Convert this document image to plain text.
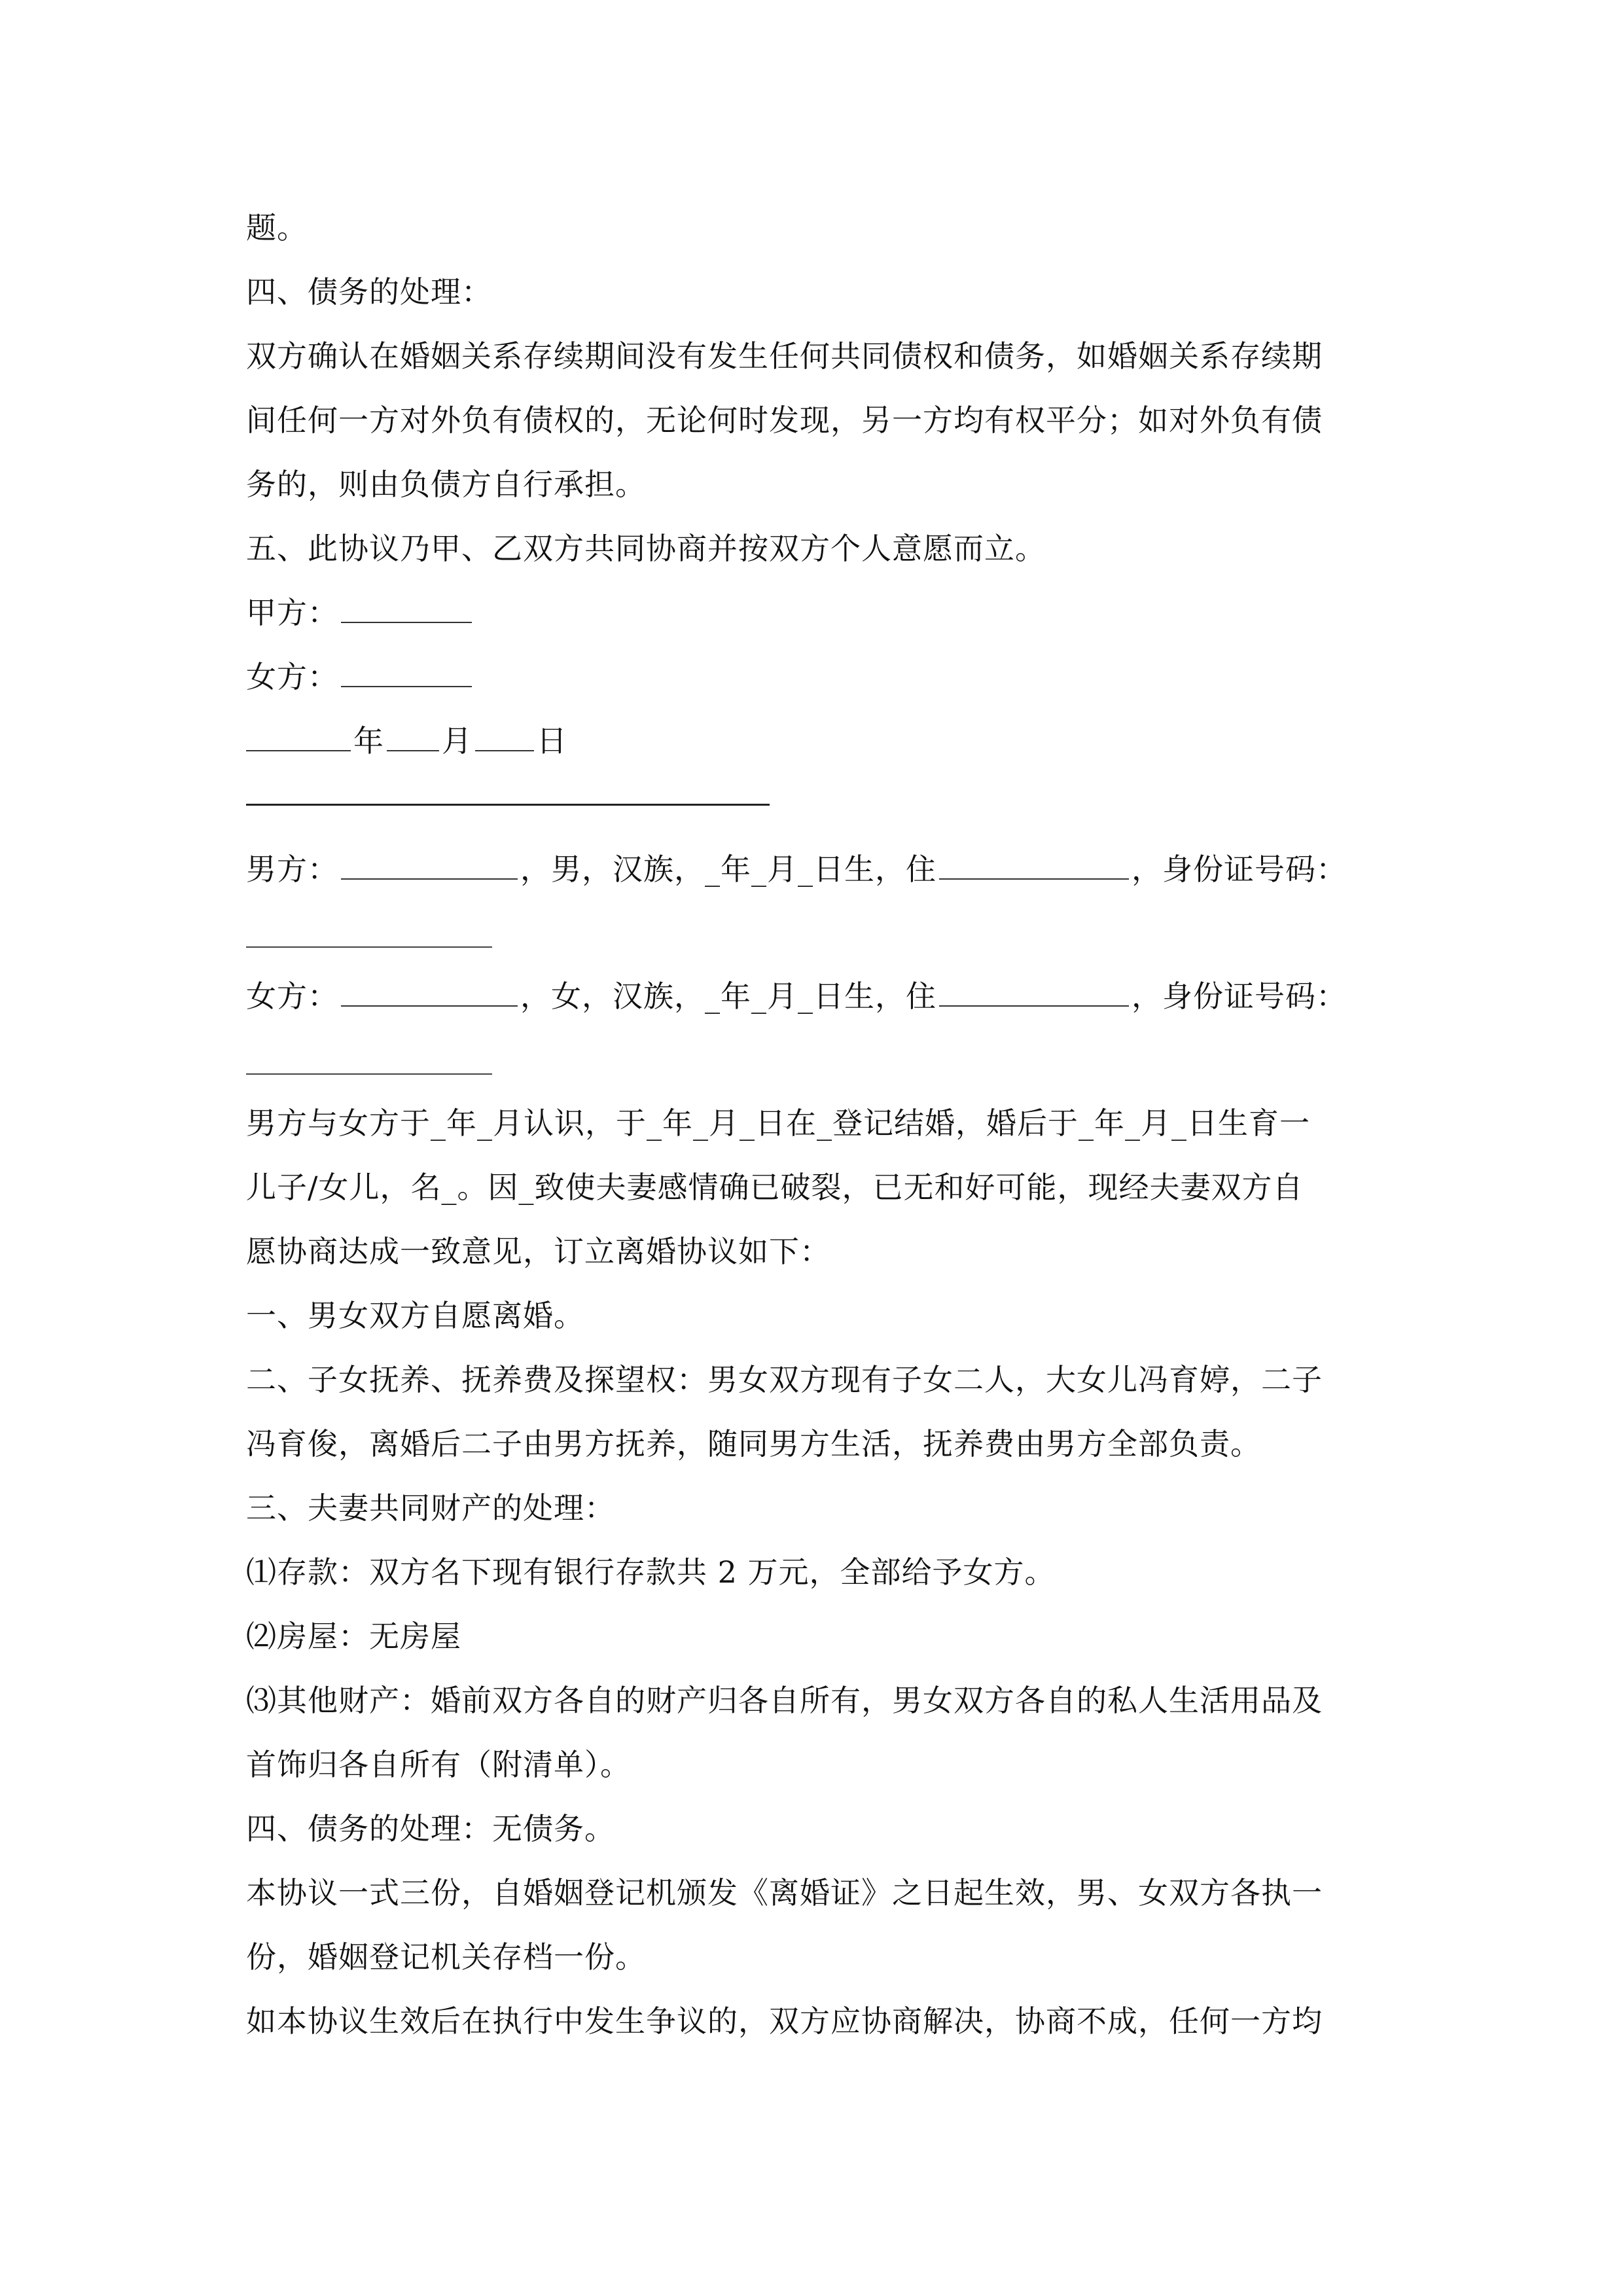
题。
四、债务的处理：
双方确认在婚姻关系存续期间没有发生任何共同债权和债务，如婚姻关系存续期
间任何一方对外负有债权的，无论何时发现，另一方均有权平分；如对外负有债
务的，则由负债方自行承担。
五、此协议乃甲、乙双方共同协商并按双方个人意愿而立。
甲方：
女方：
年 月 日
男方：	，男，汉族，_年_月_日生，住	，身份证号码：
女方：	，女，汉族，_年_月_日生，住	，身份证号码：
男方与女方于_年_月认识，于_年_月_日在_登记结婚，婚后于_年_月_日生育一
儿子/女儿，名_。因_致使夫妻感情确已破裂，已无和好可能，现经夫妻双方自
愿协商达成一致意见，订立离婚协议如下：
一、男女双方自愿离婚。
二、子女抚养、抚养费及探望权：男女双方现有子女二人，大女儿冯育婷，二子
冯育俊，离婚后二子由男方抚养，随同男方生活，抚养费由男方全部负责。
三、夫妻共同财产的处理：
⑴存款：双方名下现有银行存款共 2 万元，全部给予女方。
⑵房屋：无房屋
⑶其他财产：婚前双方各自的财产归各自所有，男女双方各自的私人生活用品及
首饰归各自所有（附清单）。
四、债务的处理：无债务。
本协议一式三份，自婚姻登记机颁发《离婚证》之日起生效，男、女双方各执一
份，婚姻登记机关存档一份。
如本协议生效后在执行中发生争议的，双方应协商解决，协商不成，任何一方均
